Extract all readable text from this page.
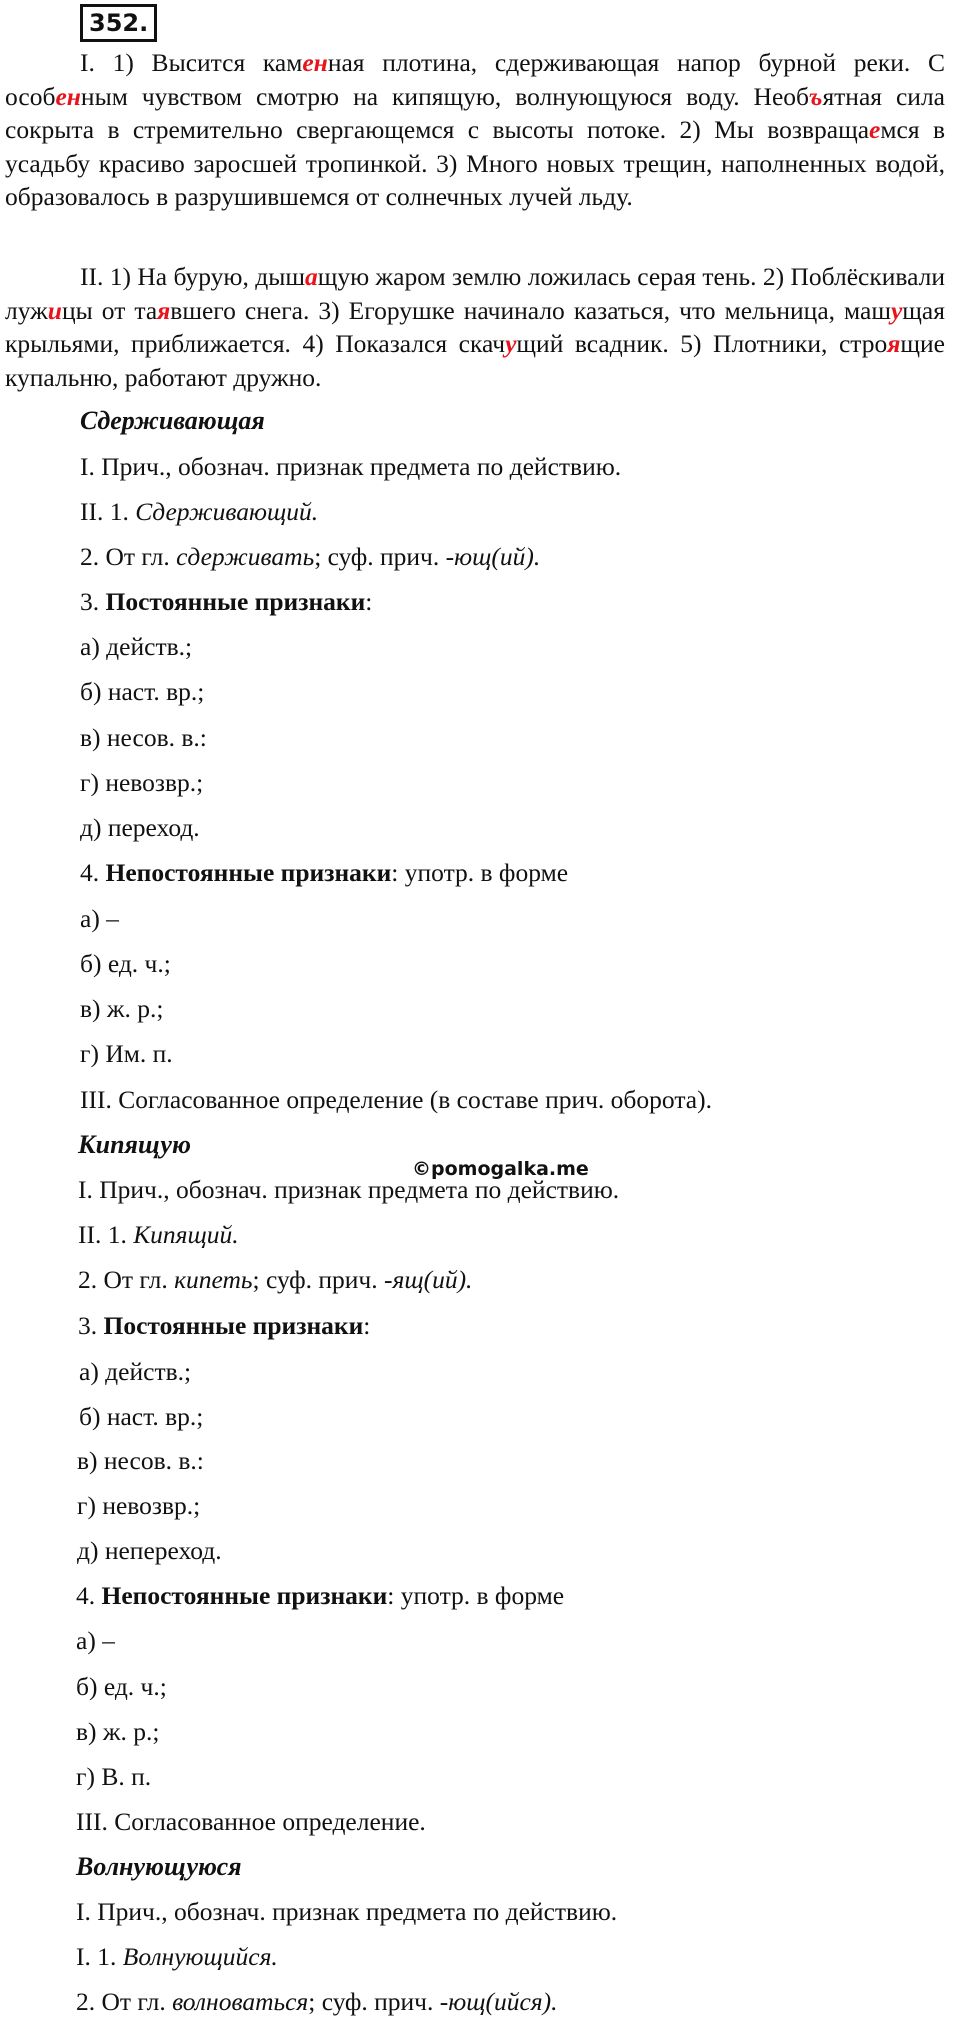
352.
I. 1) Высится каменная плотина, сдерживающая напор бурной реки. С особенным чувством смотрю на кипящую, волнующуюся воду. Необъятная сила сокрыта в стремительно свергающемся с высоты потоке. 2) Мы возвращаемся в усадьбу красиво заросшей тропинкой. 3) Много новых трещин, наполненных водой, образовалось в разрушившемся от солнечных лучей льду.
II. 1) На бурую, дышащую жаром землю ложилась серая тень. 2) Поблёскивали лужицы от таявшего снега. 3) Егорушке начинало казаться, что мельница, машущая крыльями, приближается. 4) Показался скачущий всадник. 5) Плотники, строящие купальню, работают дружно.
Сдерживающая
I. Прич., обознач. признак предмета по действию.
II. 1. Сдерживающий.
2. От гл. сдерживать; суф. прич. -ющ(ий).
3. Постоянные признаки:
а) действ.;
б) наст. вр.;
в) несов. в.:
г) невозвр.;
д) переход.
4. Непостоянные признаки: употр. в форме
а) –
б) ед. ч.;
в) ж. р.;
г) Им. п.
III. Согласованное определение (в составе прич. оборота).
Кипящую
©pomogalka.me
I. Прич., обознач. признак предмета по действию.
II. 1. Кипящий.
2. От гл. кипеть; суф. прич. -ящ(ий).
3. Постоянные признаки:
а) действ.;
б) наст. вр.;
в) несов. в.:
г) невозвр.;
д) непереход.
4. Непостоянные признаки: употр. в форме
а) –
б) ед. ч.;
в) ж. р.;
г) В. п.
III. Согласованное определение.
Волнующуюся
I. Прич., обознач. признак предмета по действию.
I. 1. Волнующийся.
2. От гл. волноваться; суф. прич. -ющ(ийся).
